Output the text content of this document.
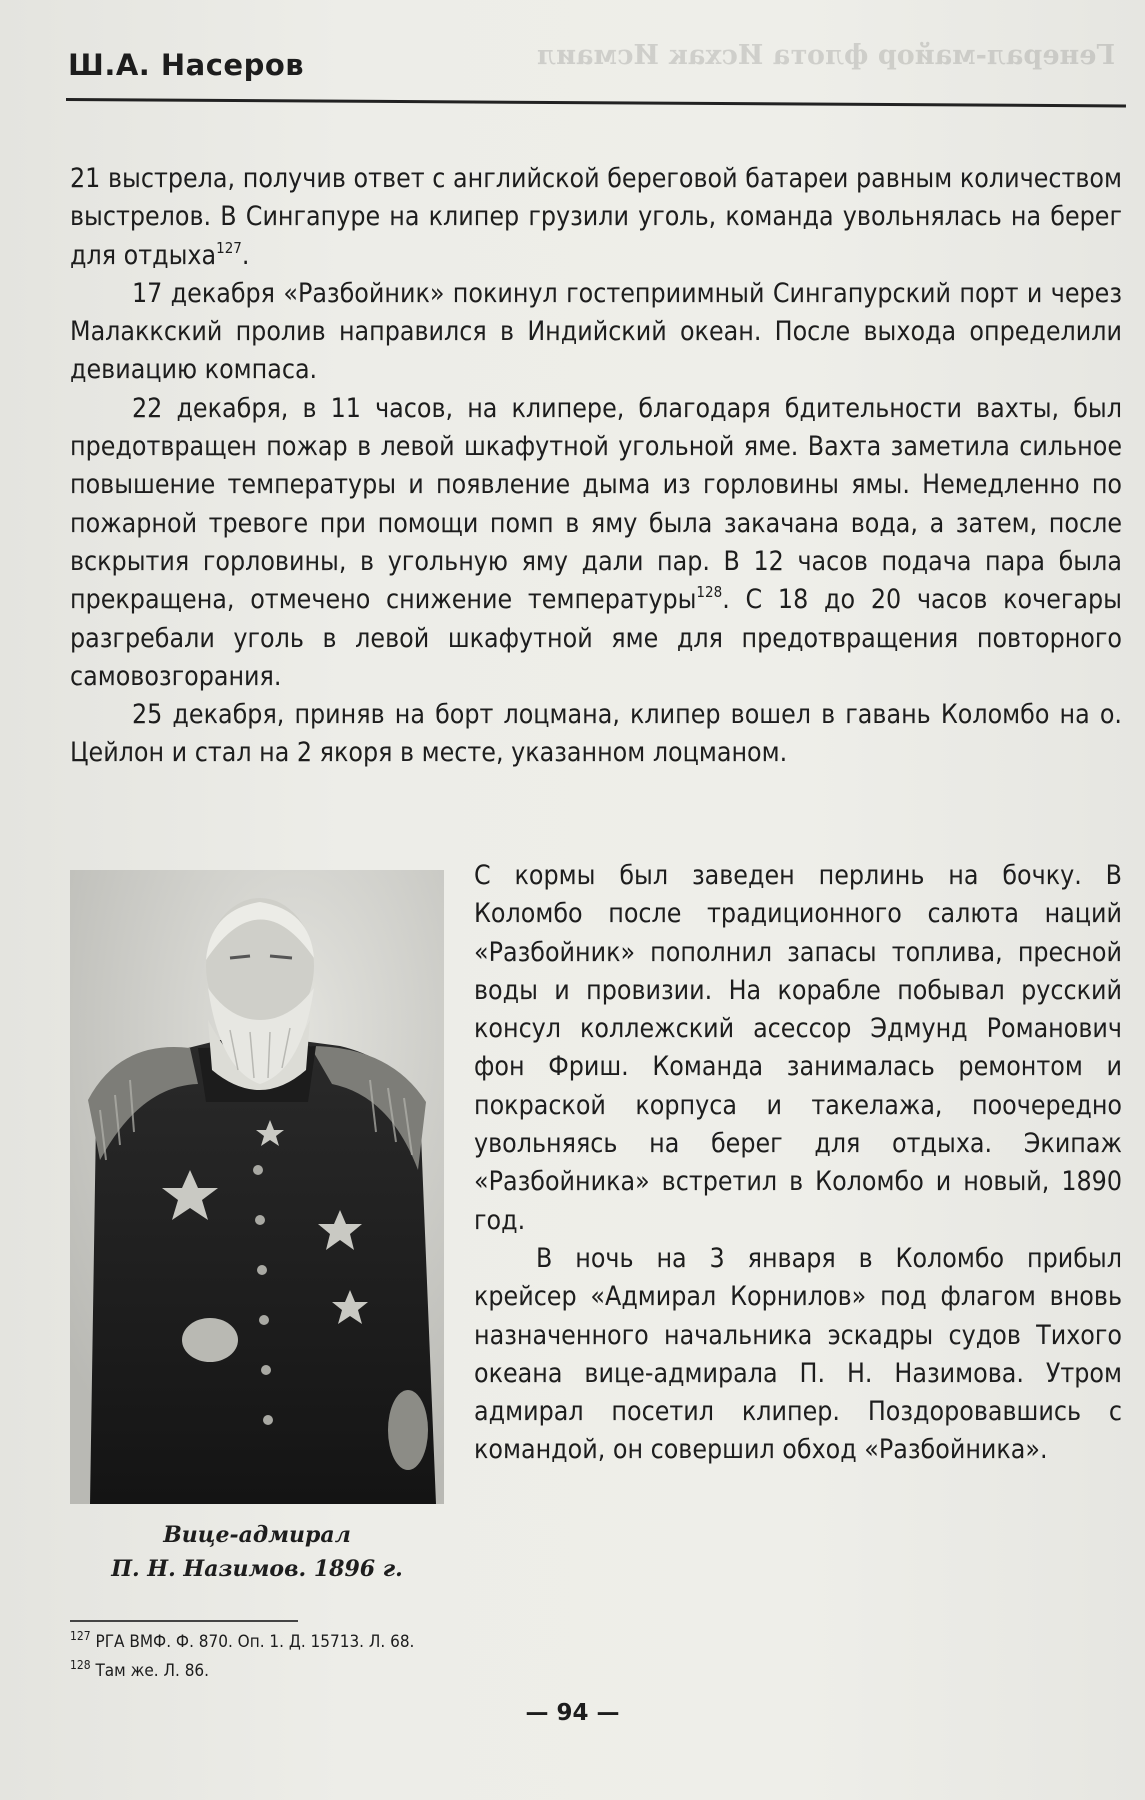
Генерал-майор флота Исхак Исмаил
Ш.А. Насеров

21 выстрела, получив ответ с английской береговой батареи равным количеством выстрелов. В Сингапуре на клипер грузили уголь, команда увольнялась на берег для отдыха$^{127}$.

17 декабря «Разбойник» покинул гостеприимный Сингапурский порт и через Малаккский пролив направился в Индийский океан. После выхода определили девиацию компаса.

22 декабря, в 11 часов, на клипере, благодаря бдительности вахты, был предотвращен пожар в левой шкафутной угольной яме. Вахта заметила сильное повышение температуры и появление дыма из горловины ямы. Немедленно по пожарной тревоге при помощи помп в яму была закачана вода, а затем, после вскрытия горловины, в угольную яму дали пар. В 12 часов подача пара была прекращена, отмечено снижение температуры$^{128}$. С 18 до 20 часов кочегары разгребали уголь в левой шкафутной яме для предотвращения повторного самовозгорания.

25 декабря, приняв на борт лоцмана, клипер вошел в гавань Коломбо на о. Цейлон и стал на 2 якоря в месте, указанном лоцманом.

Вице-адмирал
П. Н. Назимов. 1896 г.

С кормы был заведен перлинь на бочку. В Коломбо после традиционного салюта наций «Разбойник» пополнил запасы топлива, пресной воды и провизии. На корабле побывал русский консул коллежский асессор Эдмунд Романович фон Фриш. Команда занималась ремонтом и покраской корпуса и такелажа, поочередно увольняясь на берег для отдыха. Экипаж «Разбойника» встретил в Коломбо и новый, 1890 год.

В ночь на 3 января в Коломбо прибыл крейсер «Адмирал Корнилов» под флагом вновь назначенного начальника эскадры судов Тихого океана вице-адмирала П. Н. Назимова. Утром адмирал посетил клипер. Поздоровавшись с командой, он совершил обход «Разбойника».

$^{127}$ РГА ВМФ. Ф. 870. Оп. 1. Д. 15713. Л. 68.
$^{128}$ Там же. Л. 86.
— 94 —
